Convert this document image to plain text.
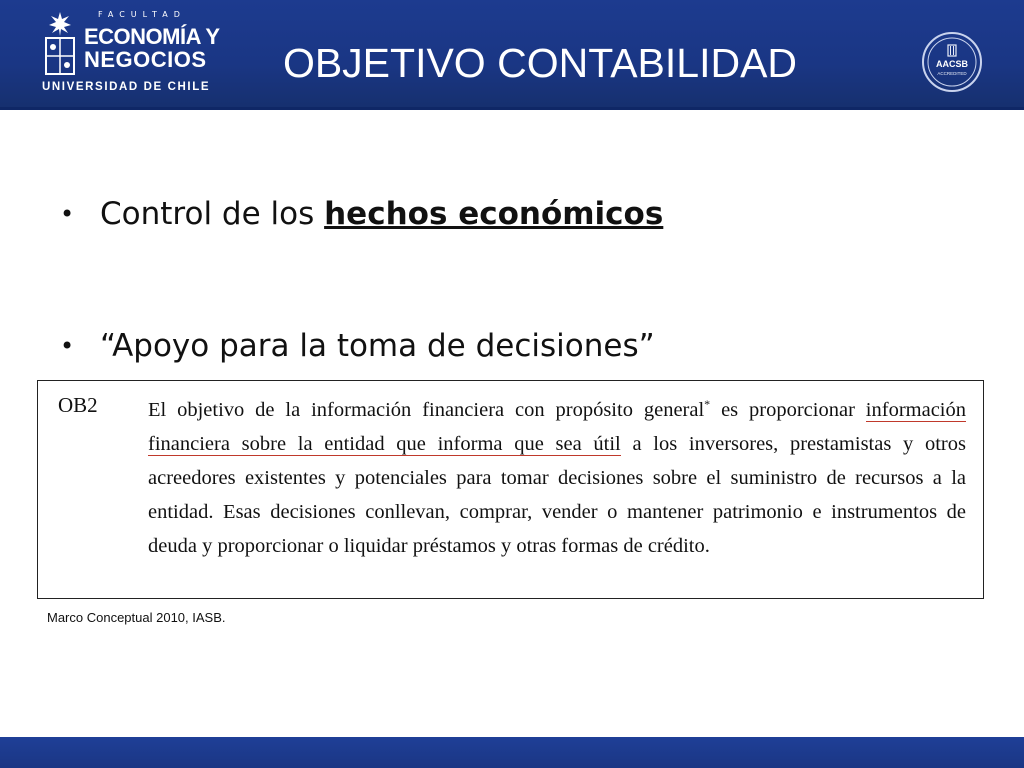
FACULTAD
ECONOMÍA Y
NEGOCIOS
UNIVERSIDAD DE CHILE
OBJETIVO CONTABILIDAD	AACSB
ACCREDITED
• Control de los hechos económicos
• “Apoyo para la toma de decisiones”
OB2 El objetivo de la información financiera con propósito general* es proporcionar información financiera sobre la entidad que informa que sea útil a los inversores, prestamistas y otros acreedores existentes y potenciales para tomar decisiones sobre el suministro de recursos a la entidad. Esas decisiones conllevan, comprar, vender o mantener patrimonio e instrumentos de deuda y proporcionar o liquidar préstamos y otras formas de crédito.
Marco Conceptual 2010, IASB.
